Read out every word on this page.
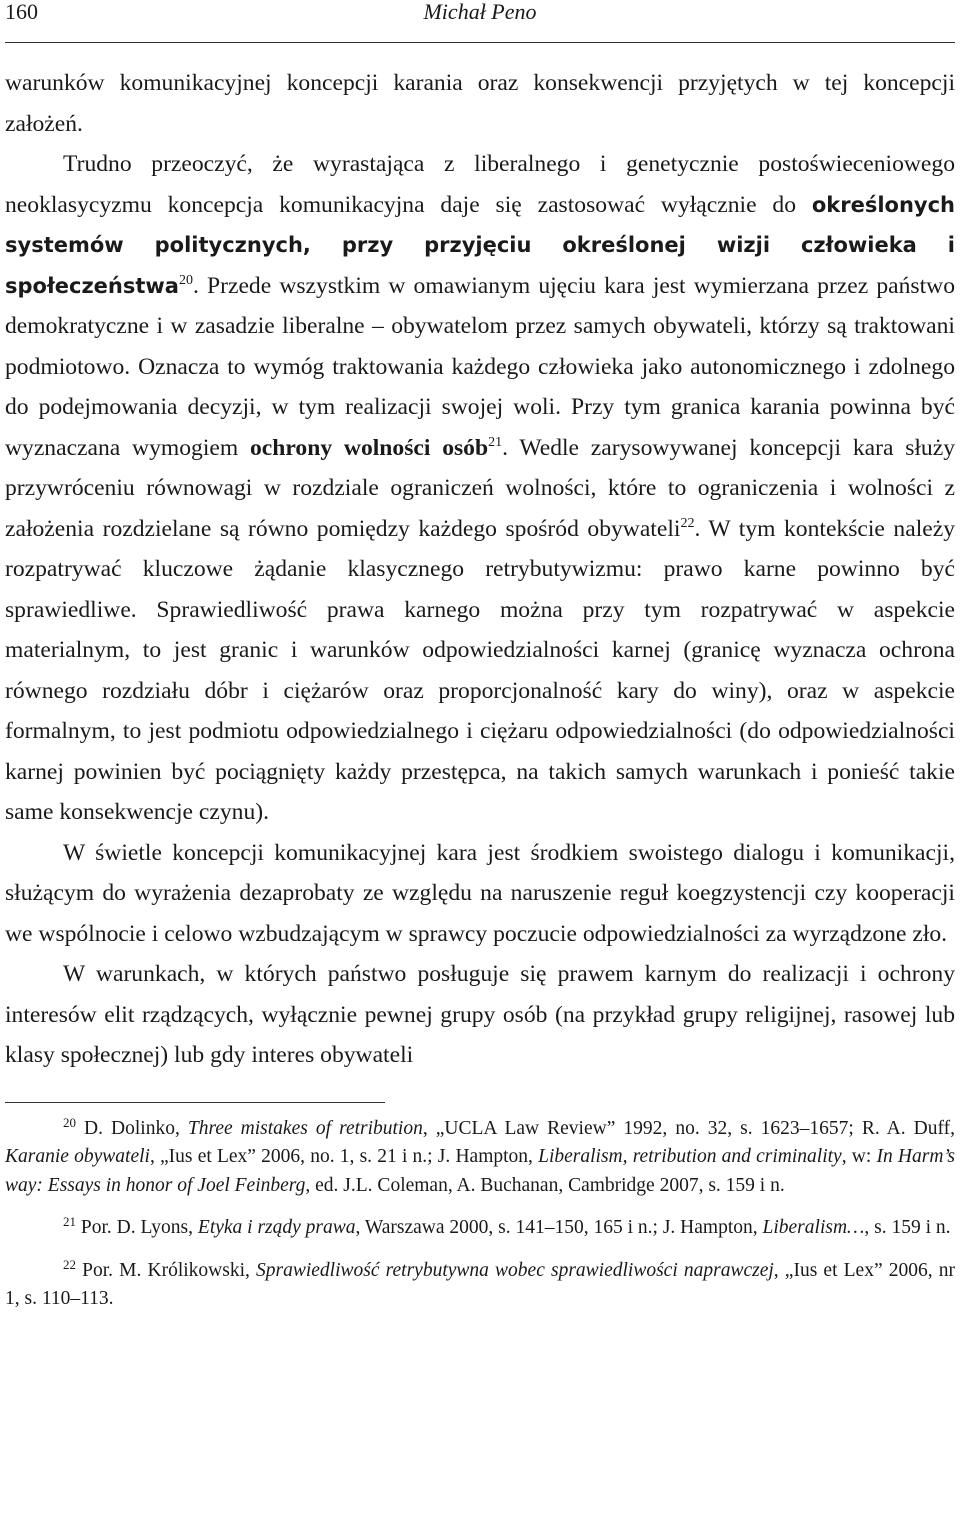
160	Michał Peno

warunków komunikacyjnej koncepcji karania oraz konsekwencji przyjętych w tej koncepcji założeń.

Trudno przeoczyć, że wyrastająca z liberalnego i genetycznie postoświeceniowego neoklasycyzmu koncepcja komunikacyjna daje się zastosować wyłącznie do określonych systemów politycznych, przy przyjęciu określonej wizji człowieka i społeczeństwa$^{20}$. Przede wszystkim w omawianym ujęciu kara jest wymierzana przez państwo demokratyczne i w zasadzie liberalne – obywatelom przez samych obywateli, którzy są traktowani podmiotowo. Oznacza to wymóg traktowania każdego człowieka jako autonomicznego i zdolnego do podejmowania decyzji, w tym realizacji swojej woli. Przy tym granica karania powinna być wyznaczana wymogiem ochrony wolności osób$^{21}$. Wedle zarysowywanej koncepcji kara służy przywróceniu równowagi w rozdziale ograniczeń wolności, które to ograniczenia i wolności z założenia rozdzielane są równo pomiędzy każdego spośród obywateli$^{22}$. W tym kontekście należy rozpatrywać kluczowe żądanie klasycznego retrybutywizmu: prawo karne powinno być sprawiedliwe. Sprawiedliwość prawa karnego można przy tym rozpatrywać w aspekcie materialnym, to jest granic i warunków odpowiedzialności karnej (granicę wyznacza ochrona równego rozdziału dóbr i ciężarów oraz proporcjonalność kary do winy), oraz w aspekcie formalnym, to jest podmiotu odpowiedzialnego i ciężaru odpowiedzialności (do odpowiedzialności karnej powinien być pociągnięty każdy przestępca, na takich samych warunkach i ponieść takie same konsekwencje czynu).

W świetle koncepcji komunikacyjnej kara jest środkiem swoistego dialogu i komunikacji, służącym do wyrażenia dezaprobaty ze względu na naruszenie reguł koegzystencji czy kooperacji we wspólnocie i celowo wzbudzającym w sprawcy poczucie odpowiedzialności za wyrządzone zło.

W warunkach, w których państwo posługuje się prawem karnym do realizacji i ochrony interesów elit rządzących, wyłącznie pewnej grupy osób (na przykład grupy religijnej, rasowej lub klasy społecznej) lub gdy interes obywateli

$^{20}$ D. Dolinko, Three mistakes of retribution, „UCLA Law Review” 1992, no. 32, s. 1623–1657; R. A. Duff, Karanie obywateli, „Ius et Lex” 2006, no. 1, s. 21 i n.; J. Hampton, Liberalism, retribution and criminality, w: In Harm’s way: Essays in honor of Joel Feinberg, ed. J.L. Coleman, A. Buchanan, Cambridge 2007, s. 159 i n.

$^{21}$ Por. D. Lyons, Etyka i rządy prawa, Warszawa 2000, s. 141–150, 165 i n.; J. Hampton, Liberalism…, s. 159 i n.

$^{22}$ Por. M. Królikowski, Sprawiedliwość retrybutywna wobec sprawiedliwości naprawczej, „Ius et Lex” 2006, nr 1, s. 110–113.
